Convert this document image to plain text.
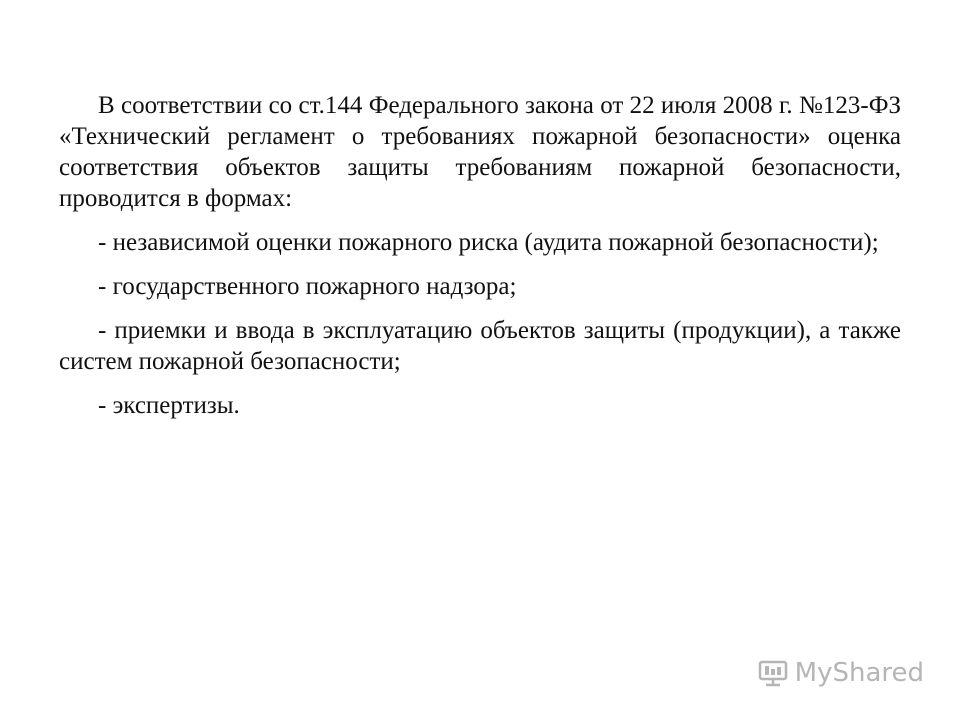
В соответствии со ст.144 Федерального закона от 22 июля 2008 г. №123-ФЗ «Технический регламент о требованиях пожарной безопасности» оценка соответствия объектов защиты требованиям пожарной безопасности, проводится в формах:

- независимой оценки пожарного риска (аудита пожарной безопасности);

- государственного пожарного надзора;

- приемки и ввода в эксплуатацию объектов защиты (продукции), а также систем пожарной безопасности;

- экспертизы.

MyShared
